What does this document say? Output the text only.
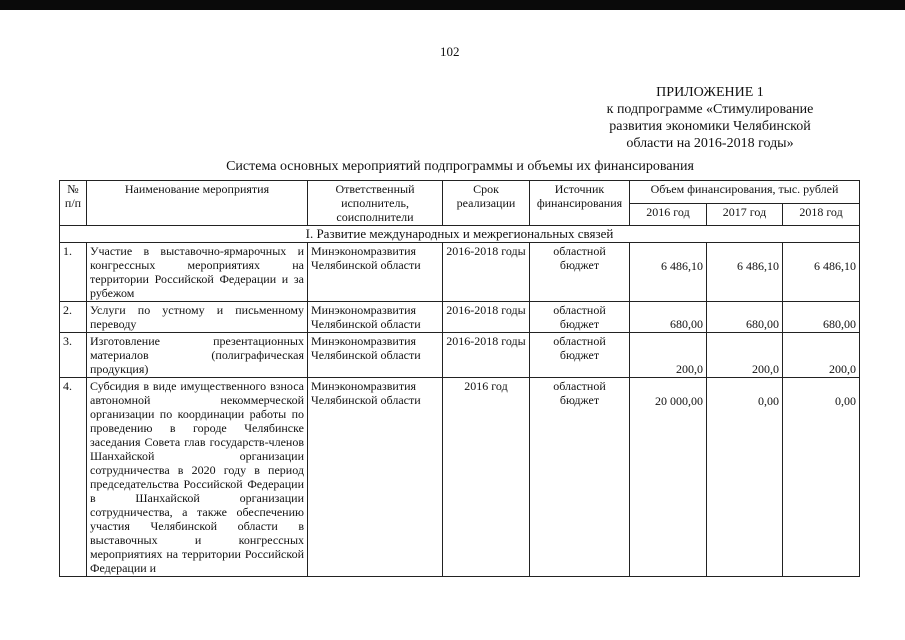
102
ПРИЛОЖЕНИЕ 1
к подпрограмме «Стимулирование развития экономики Челябинской области на 2016-2018 годы»
Система основных мероприятий подпрограммы и объемы их финансирования
№ п/п	Наименование мероприятия	Ответственный исполнитель, соисполнители	Срок реализации	Источник финансирования	Объем финансирования, тыс. рублей		
					2016 год	2017 год	2018 год
I. Развитие международных и межрегиональных связей							
1.	Участие в выставочно-ярмарочных и конгрессных мероприятиях на территории Российской Федерации и за рубежом	Минэкономразвития Челябинской области	2016-2018 годы	областной бюджет	6 486,10	6 486,10	6 486,10
2.	Услуги по устному и письменному переводу	Минэкономразвития Челябинской области	2016-2018 годы	областной бюджет	680,00	680,00	680,00
3.	Изготовление презентационных материалов (полиграфическая продукция)	Минэкономразвития Челябинской области	2016-2018 годы	областной бюджет	200,0	200,0	200,0
4.	Субсидия в виде имущественного взноса автономной некоммерческой организации по координации работы по проведению в городе Челябинске заседания Совета глав государств-членов Шанхайской организации сотрудничества в 2020 году в период председательства Российской Федерации в Шанхайской организации сотрудничества, а также обеспечению участия Челябинской области в выставочных и конгрессных мероприятиях на территории Российской Федерации и	Минэкономразвития Челябинской области	2016 год	областной бюджет	20 000,00	0,00	0,00
